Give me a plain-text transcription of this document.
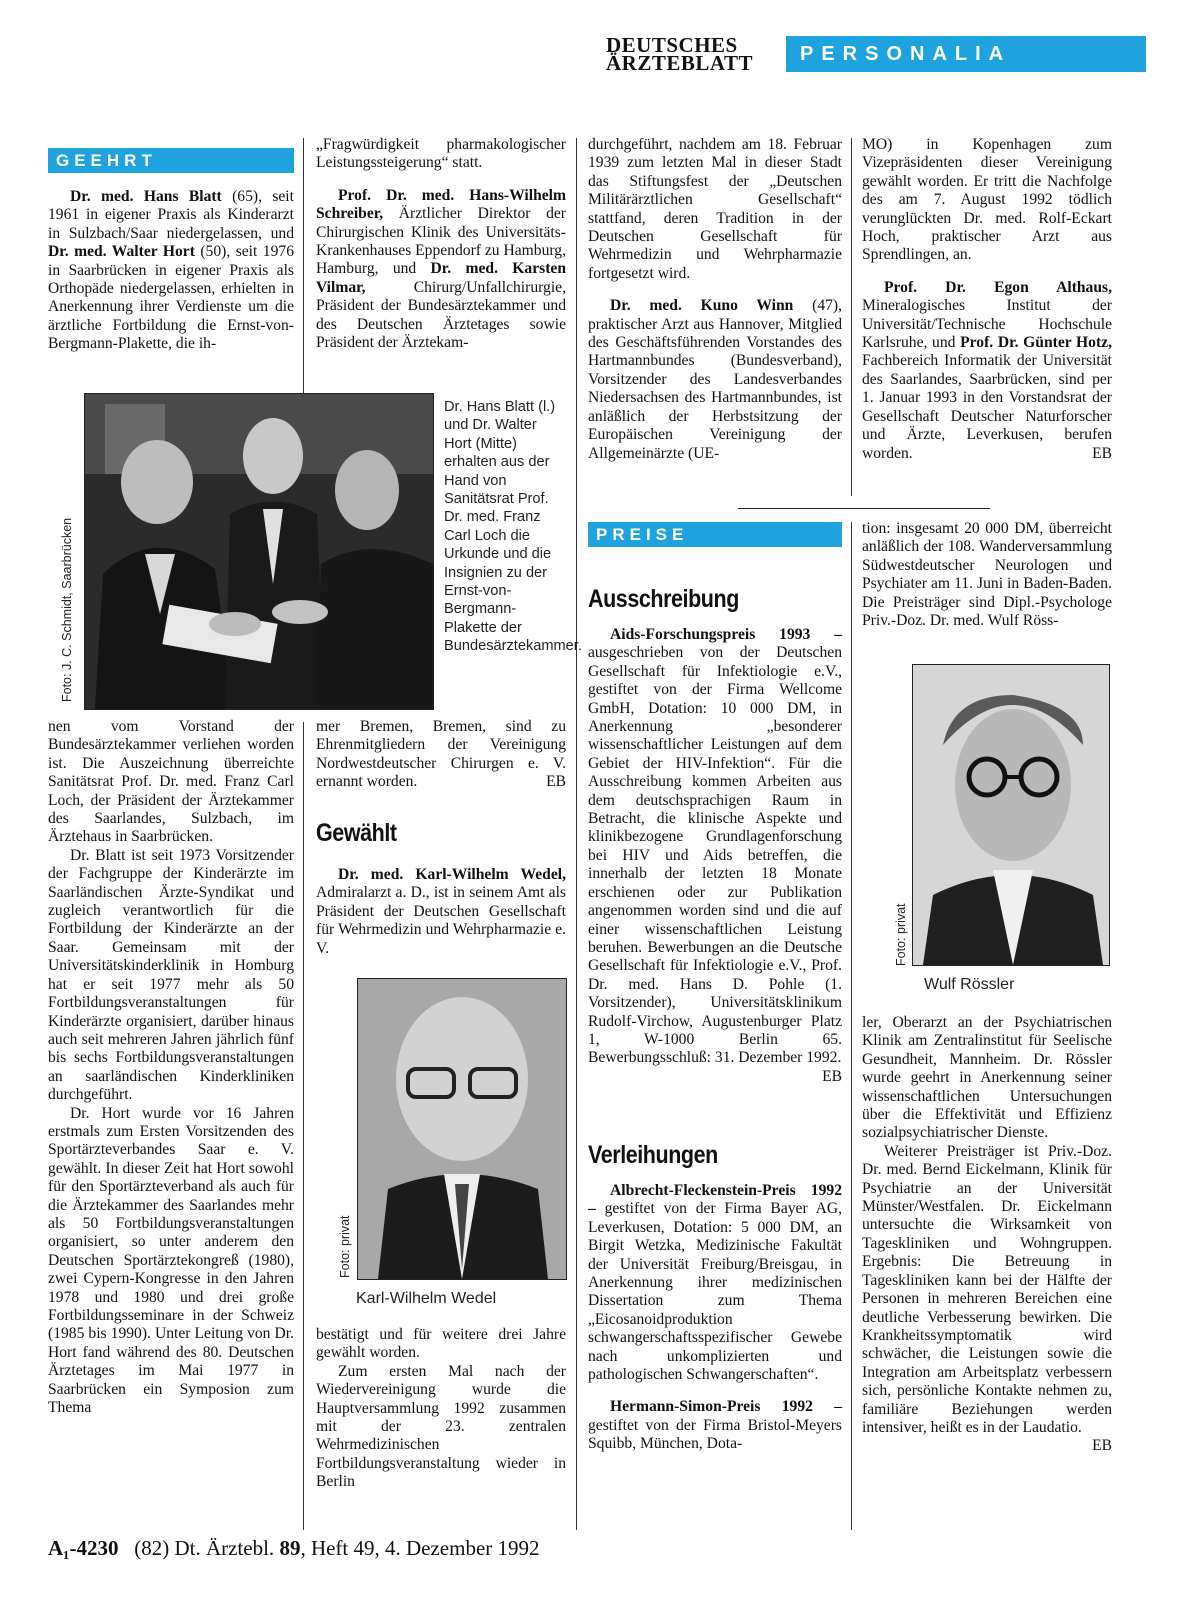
DEUTSCHES
ÄRZTEBLATT	PERSONALIA
GEEHRT

Dr. med. Hans Blatt (65), seit 1961 in eigener Praxis als Kinderarzt in Sulzbach/Saar niedergelassen, und Dr. med. Walter Hort (50), seit 1976 in Saarbrücken in eigener Praxis als Orthopäde niedergelassen, erhielten in Anerkennung ihrer Verdienste um die ärztliche Fortbildung die Ernst-von-Bergmann-Plakette, die ih-

Foto: J. C. Schmidt, Saarbrücken
Dr. Hans Blatt (l.) und Dr. Walter Hort (Mitte) erhalten aus der Hand von Sanitätsrat Prof. Dr. med. Franz Carl Loch die Urkunde und die Insignien zu der Ernst-von-Bergmann-Plakette der Bundesärztekammer.

nen vom Vorstand der Bundesärztekammer verliehen worden ist. Die Auszeichnung überreichte Sanitätsrat Prof. Dr. med. Franz Carl Loch, der Präsident der Ärztekammer des Saarlandes, Sulzbach, im Ärztehaus in Saarbrücken.

Dr. Blatt ist seit 1973 Vorsitzender der Fachgruppe der Kinderärzte im Saarländischen Ärzte-Syndikat und zugleich verantwortlich für die Fortbildung der Kinderärzte an der Saar. Gemeinsam mit der Universitätskinderklinik in Homburg hat er seit 1977 mehr als 50 Fortbildungsveranstaltungen für Kinderärzte organisiert, darüber hinaus auch seit mehreren Jahren jährlich fünf bis sechs Fortbildungsveranstaltungen an saarländischen Kinderkliniken durchgeführt.

Dr. Hort wurde vor 16 Jahren erstmals zum Ersten Vorsitzenden des Sportärzteverbandes Saar e. V. gewählt. In dieser Zeit hat Hort sowohl für den Sportärzteverband als auch für die Ärztekammer des Saarlandes mehr als 50 Fortbildungsveranstaltungen organisiert, so unter anderem den Deutschen Sportärztekongreß (1980), zwei Cypern-Kongresse in den Jahren 1978 und 1980 und drei große Fortbildungsseminare in der Schweiz (1985 bis 1990). Unter Leitung von Dr. Hort fand während des 80. Deutschen Ärztetages im Mai 1977 in Saarbrücken ein Symposion zum Thema

„Fragwürdigkeit pharmakologischer Leistungssteigerung“ statt.

Prof. Dr. med. Hans-Wilhelm Schreiber, Ärztlicher Direktor der Chirurgischen Klinik des Universitäts-Krankenhauses Eppendorf zu Hamburg, Hamburg, und Dr. med. Karsten Vilmar, Chirurg/Unfallchirurgie, Präsident der Bundesärztekammer und des Deutschen Ärztetages sowie Präsident der Ärztekam-

mer Bremen, Bremen, sind zu Ehrenmitgliedern der Vereinigung Nordwestdeutscher Chirurgen e. V. ernannt worden.	EB

Gewählt

Dr. med. Karl-Wilhelm Wedel, Admiralarzt a. D., ist in seinem Amt als Präsident der Deutschen Gesellschaft für Wehrmedizin und Wehrpharmazie e. V.

Foto: privat
Karl-Wilhelm Wedel

bestätigt und für weitere drei Jahre gewählt worden.

Zum ersten Mal nach der Wiedervereinigung wurde die Hauptversammlung 1992 zusammen mit der 23. zentralen Wehrmedizinischen Fortbildungsveranstaltung wieder in Berlin

durchgeführt, nachdem am 18. Februar 1939 zum letzten Mal in dieser Stadt das Stiftungsfest der „Deutschen Militärärztlichen Gesellschaft“ stattfand, deren Tradition in der Deutschen Gesellschaft für Wehrmedizin und Wehrpharmazie fortgesetzt wird.

Dr. med. Kuno Winn (47), praktischer Arzt aus Hannover, Mitglied des Geschäftsführenden Vorstandes des Hartmannbundes (Bundesverband), Vorsitzender des Landesverbandes Niedersachsen des Hartmannbundes, ist anläßlich der Herbstsitzung der Europäischen Vereinigung der Allgemeinärzte (UE-

PREISE
Ausschreibung

Aids-Forschungspreis 1993 – ausgeschrieben von der Deutschen Gesellschaft für Infektiologie e.V., gestiftet von der Firma Wellcome GmbH, Dotation: 10 000 DM, in Anerkennung „besonderer wissenschaftlicher Leistungen auf dem Gebiet der HIV-Infektion“. Für die Ausschreibung kommen Arbeiten aus dem deutschsprachigen Raum in Betracht, die klinische Aspekte und klinikbezogene Grundlagenforschung bei HIV und Aids betreffen, die innerhalb der letzten 18 Monate erschienen oder zur Publikation angenommen worden sind und die auf einer wissenschaftlichen Leistung beruhen. Bewerbungen an die Deutsche Gesellschaft für Infektiologie e.V., Prof. Dr. med. Hans D. Pohle (1. Vorsitzender), Universitätsklinikum Rudolf-Virchow, Augustenburger Platz 1, W-1000 Berlin 65. Bewerbungsschluß: 31. Dezember 1992.
EB

Verleihungen

Albrecht-Fleckenstein-Preis 1992 – gestiftet von der Firma Bayer AG, Leverkusen, Dotation: 5 000 DM, an Birgit Wetzka, Medizinische Fakultät der Universität Freiburg/Breisgau, in Anerkennung ihrer medizinischen Dissertation zum Thema „Eicosanoidproduktion schwangerschaftsspezifischer Gewebe nach unkomplizierten und pathologischen Schwangerschaften“.

Hermann-Simon-Preis 1992 – gestiftet von der Firma Bristol-Meyers Squibb, München, Dota-

MO) in Kopenhagen zum Vizepräsidenten dieser Vereinigung gewählt worden. Er tritt die Nachfolge des am 7. August 1992 tödlich verunglückten Dr. med. Rolf-Eckart Hoch, praktischer Arzt aus Sprendlingen, an.

Prof. Dr. Egon Althaus, Mineralogisches Institut der Universität/Technische Hochschule Karlsruhe, und Prof. Dr. Günter Hotz, Fachbereich Informatik der Universität des Saarlandes, Saarbrücken, sind per 1. Januar 1993 in den Vorstandsrat der Gesellschaft Deutscher Naturforscher und Ärzte, Leverkusen, berufen worden.	EB

tion: insgesamt 20 000 DM, überreicht anläßlich der 108. Wanderversammlung Südwestdeutscher Neurologen und Psychiater am 11. Juni in Baden-Baden. Die Preisträger sind Dipl.-Psychologe Priv.-Doz. Dr. med. Wulf Röss-

Foto: privat
Wulf Rössler

ler, Oberarzt an der Psychiatrischen Klinik am Zentralinstitut für Seelische Gesundheit, Mannheim. Dr. Rössler wurde geehrt in Anerkennung seiner wissenschaftlichen Untersuchungen über die Effektivität und Effizienz sozialpsychiatrischer Dienste.

Weiterer Preisträger ist Priv.-Doz. Dr. med. Bernd Eickelmann, Klinik für Psychiatrie an der Universität Münster/Westfalen. Dr. Eickelmann untersuchte die Wirksamkeit von Tageskliniken und Wohngruppen. Ergebnis: Die Betreuung in Tageskliniken kann bei der Hälfte der Personen in mehreren Bereichen eine deutliche Verbesserung bewirken. Die Krankheitssymptomatik wird schwächer, die Leistungen sowie die Integration am Arbeitsplatz verbessern sich, persönliche Kontakte nehmen zu, familiäre Beziehungen werden intensiver, heißt es in der Laudatio.
EB

A₁-4230 (82) Dt. Ärztebl. 89, Heft 49, 4. Dezember 1992
